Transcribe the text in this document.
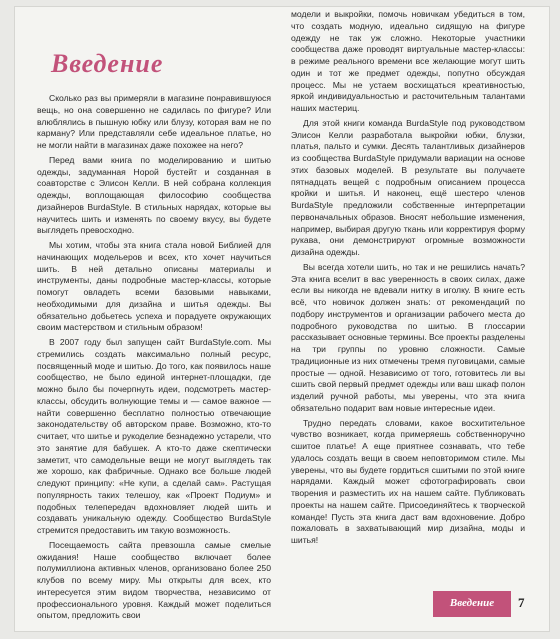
Введение

Сколько раз вы примеряли в магазине понравившуюся вещь, но она совершенно не садилась по фигуре? Или влюблялись в пышную юбку или блузу, которая вам не по карману? Или представляли себе идеальное платье, но не могли найти в магазинах даже похожее на него?

Перед вами книга по моделированию и шитью одежды, задуманная Норой бустейт и созданная в соавторстве с Элисон Келли. В ней собрана коллекция одежды, воплощающая философию сообщества дизайнеров BurdaStyle. В стильных нарядах, которые вы научитесь шить и изменять по своему вкусу, вы будете выглядеть превосходно.

Мы хотим, чтобы эта книга стала новой Библией для начинающих модельеров и всех, кто хочет научиться шить. В ней детально описаны материалы и инструменты, даны подробные мастер-классы, которые помогут овладеть всеми базовыми навыками, необходимыми для дизайна и шитья одежды. Вы обязательно добьетесь успеха и порадуете окружающих своим мастерством и стильным образом!

В 2007 году был запущен сайт BurdaStyle.com. Мы стремились создать максимально полный ресурс, посвященный моде и шитью. До того, как появилось наше сообщество, не было единой интернет-площадки, где можно было бы почерпнуть идеи, подсмотреть мастер-классы, обсудить волнующие темы и — самое важное — найти совершенно бесплатно полностью отвечающие законодательству об авторском праве. Возможно, кто-то считает, что шитье и рукоделие безнадежно устарели, что это занятие для бабушек. А кто-то даже скептически заметит, что самодельные вещи не могут выглядеть так же хорошо, как фабричные. Однако все больше людей следуют принципу: «Не купи, а сделай сам». Растущая популярность таких телешоу, как «Проект Подиум» и подобных телепередач вдохновляет людей шить и создавать уникальную одежду. Сообщество BurdaStyle стремится предоставить им такую возможность.

Посещаемость сайта превзошла самые смелые ожидания! Наше сообщество включает более полумиллиона активных членов, организовано более 250 клубов по всему миру. Мы открыты для всех, кто интересуется этим видом творчества, независимо от профессионального уровня. Каждый может поделиться опытом, предложить свои

модели и выкройки, помочь новичкам убедиться в том, что создать модную, идеально сидящую на фигуре одежду не так уж сложно. Некоторые участники сообщества даже проводят виртуальные мастер-классы: в режиме реального времени все желающие могут шить один и тот же предмет одежды, попутно обсуждая процесс. Мы не устаем восхищаться креативностью, яркой индивидуальностью и расточительным талантами наших мастериц.

Для этой книги команда BurdaStyle под руководством Элисон Келли разработала выкройки юбки, блузки, платья, пальто и сумки. Десять талантливых дизайнеров из сообщества BurdaStyle придумали вариации на основе этих базовых моделей. В результате вы получаете пятнадцать вещей с подробным описанием процесса кройки и шитья. И наконец, ещё шестеро членов BurdaStyle предложили собственные интерпретации первоначальных образов. Вносят небольшие изменения, например, выбирая другую ткань или корректируя форму рукава, они демонстрируют огромные возможности дизайна одежды.

Вы всегда хотели шить, но так и не решились начать? Эта книга вселит в вас уверенность в своих силах, даже если вы никогда не вдевали нитку в иголку. В книге есть всё, что новичок должен знать: от рекомендаций по подбору инструментов и организации рабочего места до подробного руководства по шитью. В глоссарии рассказывает основные термины. Все проекты разделены на три группы по уровню сложности. Самые традиционные из них отмечены тремя пуговицами, самые простые — одной. Независимо от того, готовитесь ли вы сшить свой первый предмет одежды или ваш шкаф полон изделий ручной работы, мы уверены, что эта книга обязательно подарит вам новые интересные идеи.

Трудно передать словами, какое восхитительное чувство возникает, когда примеряешь собственноручно сшитое платье! А еще приятнее сознавать, что тебе удалось создать вещи в своем неповторимом стиле. Мы уверены, что вы будете гордиться сшитыми по этой книге нарядами. Каждый может сфотографировать свои творения и разместить их на нашем сайте. Публиковать проекты на нашем сайте. Присоединяйтесь к творческой команде! Пусть эта книга даст вам вдохновение. Добро пожаловать в захватывающий мир дизайна, моды и шитья!

Введение	7
